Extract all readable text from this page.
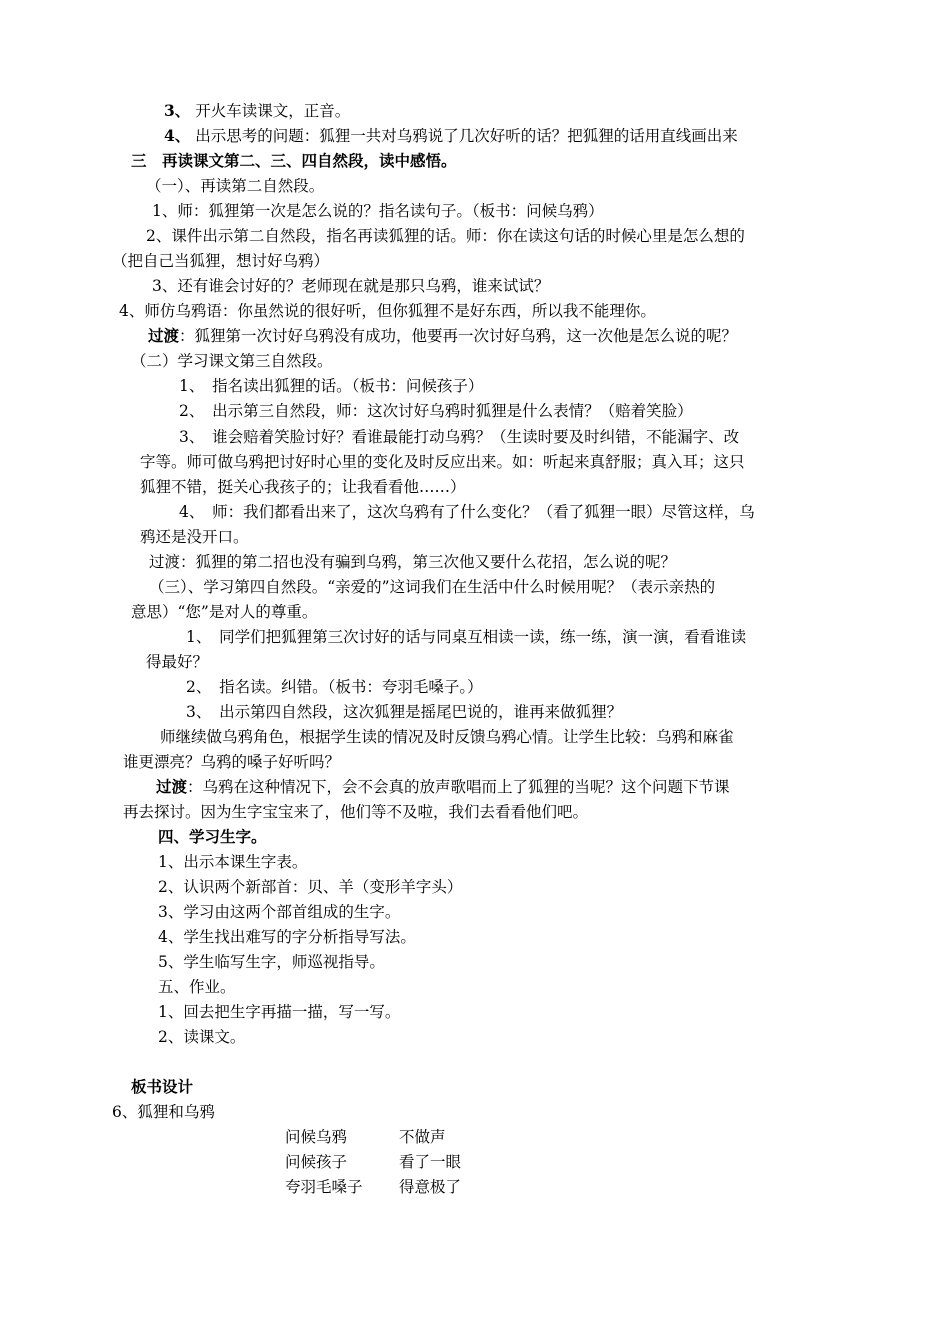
3、 开火车读课文，正音。
4、 出示思考的问题：狐狸一共对乌鸦说了几次好听的话？把狐狸的话用直线画出来
三　再读课文第二、三、四自然段，读中感悟。
（一）、再读第二自然段。
1、师：狐狸第一次是怎么说的？指名读句子。（板书：问候乌鸦）
2、课件出示第二自然段，指名再读狐狸的话。师：你在读这句话的时候心里是怎么想的
（把自己当狐狸，想讨好乌鸦）
3、还有谁会讨好的？老师现在就是那只乌鸦，谁来试试？
4、师仿乌鸦语：你虽然说的很好听，但你狐狸不是好东西，所以我不能理你。
过渡：狐狸第一次讨好乌鸦没有成功，他要再一次讨好乌鸦，这一次他是怎么说的呢？
（二）学习课文第三自然段。
1、　指名读出狐狸的话。（板书：问候孩子）
2、　出示第三自然段，师：这次讨好乌鸦时狐狸是什么表情？（赔着笑脸）
3、　谁会赔着笑脸讨好？看谁最能打动乌鸦？（生读时要及时纠错，不能漏字、改
字等。师可做乌鸦把讨好时心里的变化及时反应出来。如：听起来真舒服；真入耳；这只
狐狸不错，挺关心我孩子的；让我看看他……）
4、　师：我们都看出来了，这次乌鸦有了什么变化？（看了狐狸一眼）尽管这样，乌
鸦还是没开口。
过渡：狐狸的第二招也没有骗到乌鸦，第三次他又要什么花招，怎么说的呢？
（三）、学习第四自然段。“亲爱的”这词我们在生活中什么时候用呢？（表示亲热的
意思）“您”是对人的尊重。
1、　同学们把狐狸第三次讨好的话与同桌互相读一读，练一练，演一演，看看谁读
得最好？
2、　指名读。纠错。（板书：夸羽毛嗓子。）
3、　出示第四自然段，这次狐狸是摇尾巴说的，谁再来做狐狸？
师继续做乌鸦角色，根据学生读的情况及时反馈乌鸦心情。让学生比较：乌鸦和麻雀
谁更漂亮？乌鸦的嗓子好听吗？
过渡：乌鸦在这种情况下，会不会真的放声歌唱而上了狐狸的当呢？这个问题下节课
再去探讨。因为生字宝宝来了，他们等不及啦，我们去看看他们吧。
四、学习生字。
1、出示本课生字表。
2、认识两个新部首：贝、羊（变形羊字头）
3、学习由这两个部首组成的生字。
4、学生找出难写的字分析指导写法。
5、学生临写生字，师巡视指导。
五、作业。
1、回去把生字再描一描，写一写。
2、读课文。
板书设计
6、狐狸和乌鸦
问候乌鸦	不做声
问候孩子	看了一眼
夸羽毛嗓子 得意极了
